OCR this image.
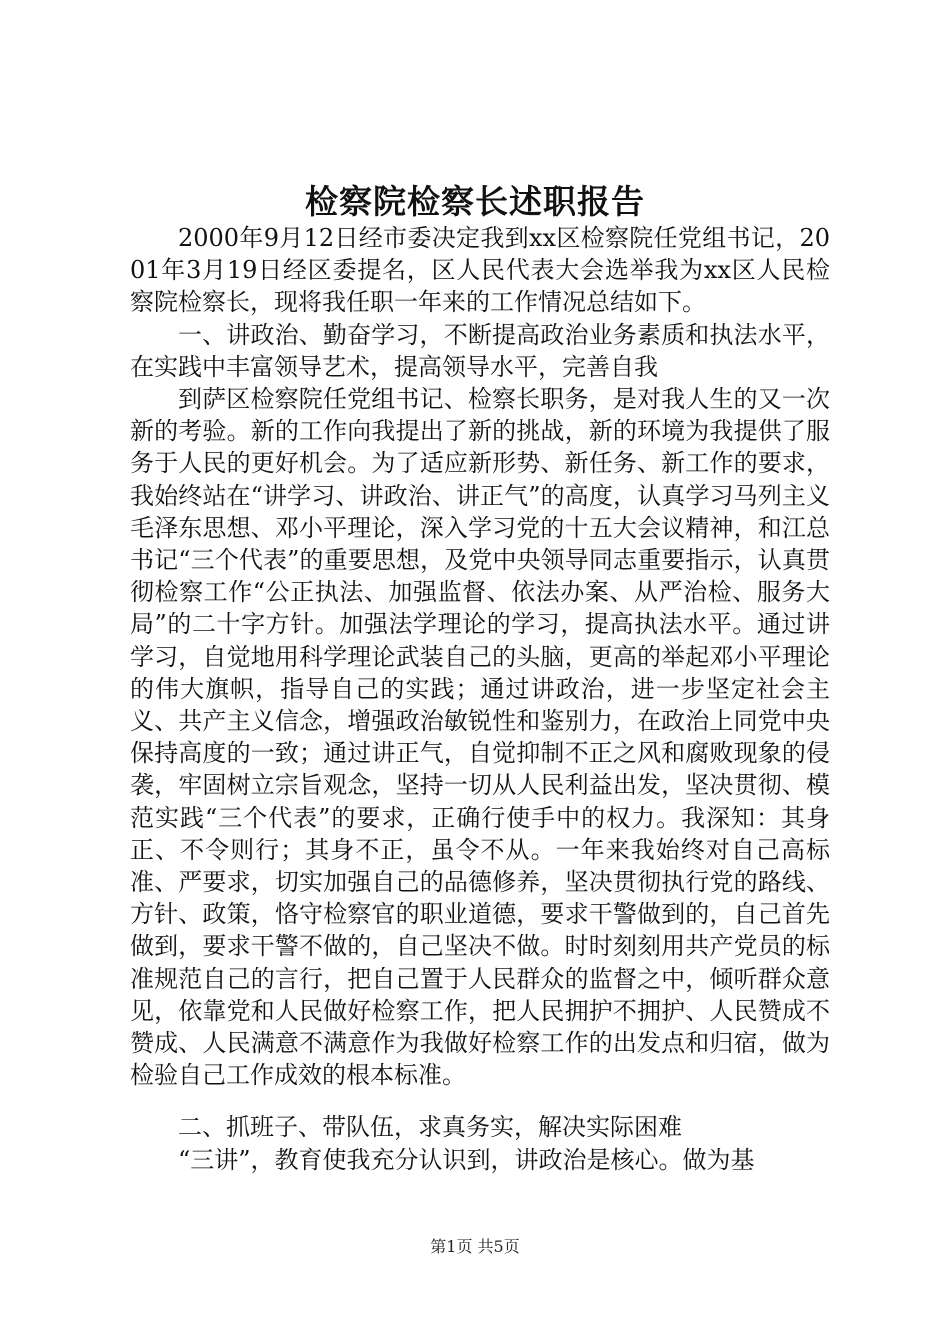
检察院检察长述职报告

2000年9月12日经市委决定我到xx区检察院任党组书记，2001年3月19日经区委提名，区人民代表大会选举我为xx区人民检察院检察长，现将我任职一年来的工作情况总结如下。

一、讲政治、勤奋学习，不断提高政治业务素质和执法水平，在实践中丰富领导艺术，提高领导水平，完善自我

到萨区检察院任党组书记、检察长职务，是对我人生的又一次新的考验。新的工作向我提出了新的挑战，新的环境为我提供了服务于人民的更好机会。为了适应新形势、新任务、新工作的要求，我始终站在“讲学习、讲政治、讲正气”的高度，认真学习马列主义毛泽东思想、邓小平理论，深入学习党的十五大会议精神，和江总书记“三个代表”的重要思想，及党中央领导同志重要指示，认真贯彻检察工作“公正执法、加强监督、依法办案、从严治检、服务大局”的二十字方针。加强法学理论的学习，提高执法水平。通过讲学习，自觉地用科学理论武装自己的头脑，更高的举起邓小平理论的伟大旗帜，指导自己的实践；通过讲政治，进一步坚定社会主义、共产主义信念，增强政治敏锐性和鉴别力，在政治上同党中央保持高度的一致；通过讲正气，自觉抑制不正之风和腐败现象的侵袭，牢固树立宗旨观念，坚持一切从人民利益出发，坚决贯彻、模范实践“三个代表”的要求，正确行使手中的权力。我深知：其身正、不令则行；其身不正，虽令不从。一年来我始终对自己高标准、严要求，切实加强自己的品德修养，坚决贯彻执行党的路线、方针、政策，恪守检察官的职业道德，要求干警做到的，自己首先做到，要求干警不做的，自己坚决不做。时时刻刻用共产党员的标准规范自己的言行，把自己置于人民群众的监督之中，倾听群众意见，依靠党和人民做好检察工作，把人民拥护不拥护、人民赞成不赞成、人民满意不满意作为我做好检察工作的出发点和归宿，做为检验自己工作成效的根本标准。

二、抓班子、带队伍，求真务实，解决实际困难

“三讲”，教育使我充分认识到，讲政治是核心。做为基

第1页 共5页
